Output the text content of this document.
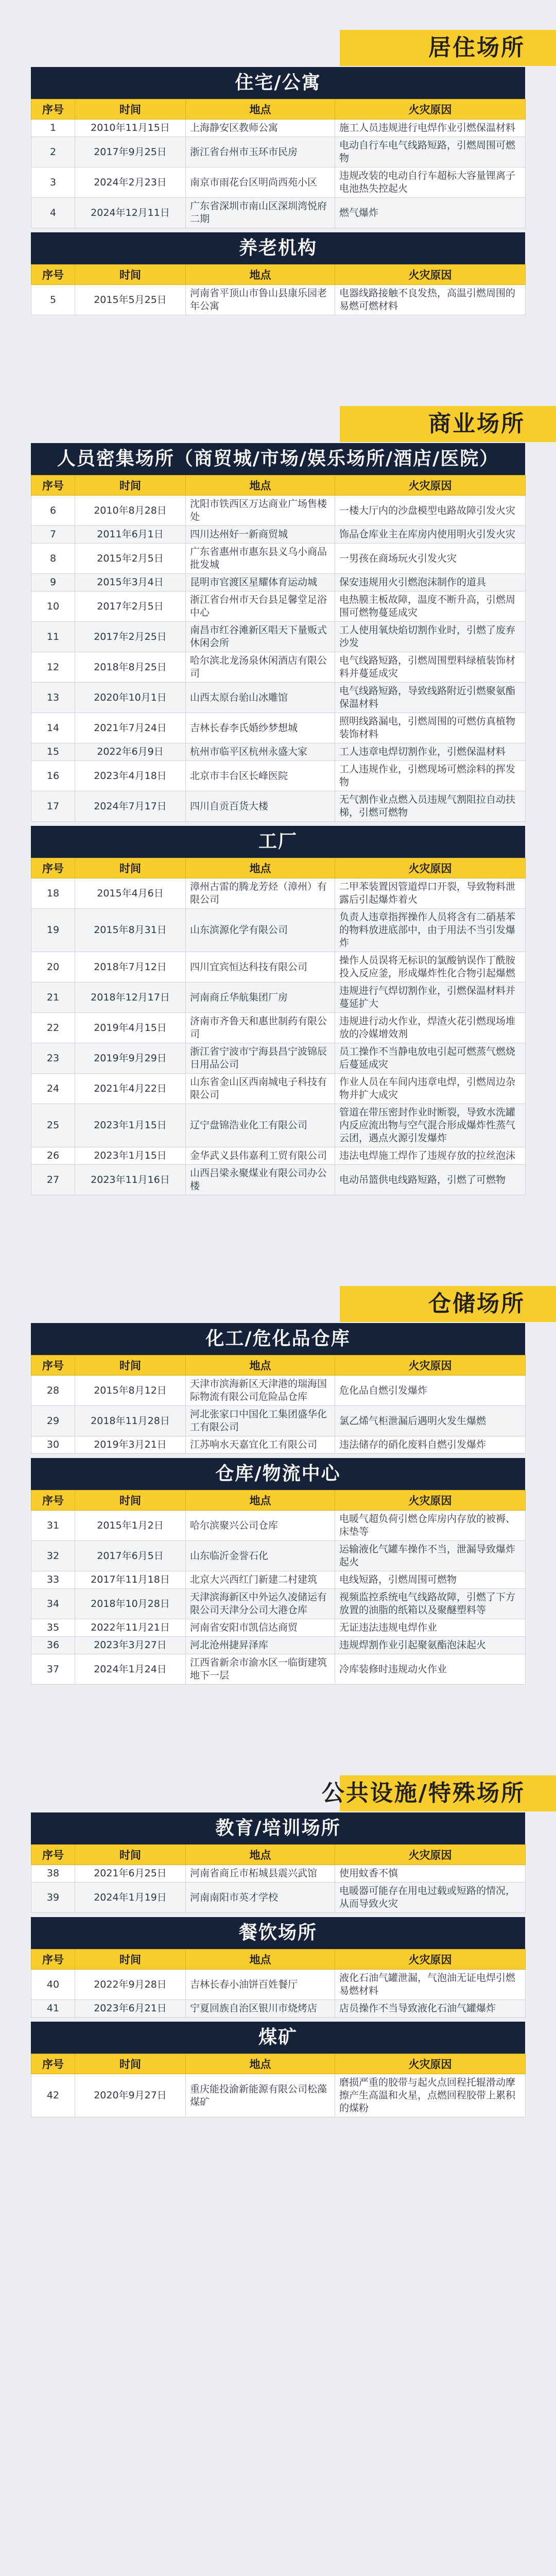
居住场所
住宅/公寓
序号	时间	地点	火灾原因
1	2010年11月15日	上海静安区教师公寓	施工人员违规进行电焊作业引燃保温材料
2	2017年9月25日	浙江省台州市玉环市民房	电动自行车电气线路短路，引燃周围可燃物
3	2024年2月23日	南京市雨花台区明尚西苑小区	违规改装的电动自行车超标大容量锂离子电池热失控起火
4	2024年12月11日	广东省深圳市南山区深圳湾悦府二期	燃气爆炸
养老机构
序号	时间	地点	火灾原因
5	2015年5月25日	河南省平顶山市鲁山县康乐园老年公寓	电器线路接触不良发热，高温引燃周围的易燃可燃材料
商业场所
人员密集场所（商贸城/市场/娱乐场所/酒店/医院）
序号	时间	地点	火灾原因
6	2010年8月28日	沈阳市铁西区万达商业广场售楼处	一楼大厅内的沙盘模型电路故障引发火灾
7	2011年6月1日	四川达州好一新商贸城	饰品仓库业主在库房内使用明火引发火灾
8	2015年2月5日	广东省惠州市惠东县义乌小商品批发城	一男孩在商场玩火引发火灾
9	2015年3月4日	昆明市官渡区星耀体育运动城	保安违规用火引燃泡沫制作的道具
10	2017年2月5日	浙江省台州市天台县足馨堂足浴中心	电热膜主板故障，温度不断升高，引燃周围可燃物蔓延成灾
11	2017年2月25日	南昌市红谷滩新区唱天下量贩式休闲会所	工人使用氧炔焰切割作业时，引燃了废弃沙发
12	2018年8月25日	哈尔滨北龙汤泉休闲酒店有限公司	电气线路短路，引燃周围塑料绿植装饰材料并蔓延成灾
13	2020年10月1日	山西太原台骀山冰雕馆	电气线路短路，导致线路附近引燃聚氨酯保温材料
14	2021年7月24日	吉林长春李氏婚纱梦想城	照明线路漏电，引燃周围的可燃仿真植物装饰材料
15	2022年6月9日	杭州市临平区杭州永盛大家	工人违章电焊切割作业，引燃保温材料
16	2023年4月18日	北京市丰台区长峰医院	工人违规作业，引燃现场可燃涂料的挥发物
17	2024年7月17日	四川自贡百货大楼	无气割作业点燃入员违规气割阻拉自动扶梯，引燃可燃物
工厂
序号	时间	地点	火灾原因
18	2015年4月6日	漳州古雷的腾龙芳烃（漳州）有限公司	二甲苯装置因管道焊口开裂，导致物料泄露后引起爆炸着火
19	2015年8月31日	山东滨源化学有限公司	负责人违章指挥操作人员将含有二硝基苯的物料放进底部中，由于用法不当引发爆炸
20	2018年7月12日	四川宜宾恒达科技有限公司	操作人员误将无标识的氯酸钠误作丁酰胺投入反应釜，形成爆炸性化合物引起爆燃
21	2018年12月17日	河南商丘华航集团厂房	违规进行气焊切割作业，引燃保温材料并蔓延扩大
22	2019年4月15日	济南市齐鲁天和惠世制药有限公司	违规进行动火作业，焊渣火花引燃现场堆放的冷媒增效剂
23	2019年9月29日	浙江省宁波市宁海县昌宁波锦辰日用品公司	员工操作不当静电放电引起可燃蒸气燃烧后蔓延成灾
24	2021年4月22日	山东省金山区西南城电子科技有限公司	作业人员在车间内违章电焊，引燃周边杂物并扩大成灾
25	2023年1月15日	辽宁盘锦浩业化工有限公司	管道在带压密封作业时断裂，导致水洗罐内反应流出物与空气混合形成爆炸性蒸气云团，遇点火源引发爆炸
26	2023年1月15日	金华武义县伟嘉利工贸有限公司	违法电焊施工焊作了违规存放的拉丝泡沫
27	2023年11月16日	山西吕梁永聚煤业有限公司办公楼	电动吊篮供电线路短路，引燃了可燃物
仓储场所
化工/危化品仓库
序号	时间	地点	火灾原因
28	2015年8月12日	天津市滨海新区天津港的瑞海国际物流有限公司危险品仓库	危化品自燃引发爆炸
29	2018年11月28日	河北张家口中国化工集团盛华化工有限公司	氯乙烯气柜泄漏后遇明火发生爆燃
30	2019年3月21日	江苏响水天嘉宜化工有限公司	违法储存的硝化废料自燃引发爆炸
仓库/物流中心
序号	时间	地点	火灾原因
31	2015年1月2日	哈尔滨聚兴公司仓库	电暖气超负荷引燃仓库房内存放的被褥、床垫等
32	2017年6月5日	山东临沂金誉石化	运输液化气罐车操作不当，泄漏导致爆炸起火
33	2017年11月18日	北京大兴西红门新建二村建筑	电线短路，引燃周围可燃物
34	2018年10月28日	天津滨海新区中外运久凌储运有限公司天津分公司大港仓库	视频监控系统电气线路故障，引燃了下方放置的油脂的纸箱以及聚醚塑料等
35	2022年11月21日	河南省安阳市凯信达商贸	无证违法违规电焊作业
36	2023年3月27日	河北沧州捷昇泽库	违规焊割作业引起聚氨酯泡沫起火
37	2024年1月24日	江西省新余市渝水区一临街建筑地下一层	冷库装修时违规动火作业
公共设施/特殊场所
教育/培训场所
序号	时间	地点	火灾原因
38	2021年6月25日	河南省商丘市柘城县震兴武馆	使用蚊香不慎
39	2024年1月19日	河南南阳市英才学校	电暖器可能存在用电过载或短路的情况，从而导致火灾
餐饮场所
序号	时间	地点	火灾原因
40	2022年9月28日	吉林长春小油饼百姓餐厅	液化石油气罐泄漏，气泡油无证电焊引燃易燃材料
41	2023年6月21日	宁夏回族自治区银川市烧烤店	店员操作不当导致液化石油气罐爆炸
煤矿
序号	时间	地点	火灾原因
42	2020年9月27日	重庆能投渝新能源有限公司松藻煤矿	磨损严重的胶带与起火点回程托辊滑动摩擦产生高温和火星，点燃回程胶带上累积的煤粉
